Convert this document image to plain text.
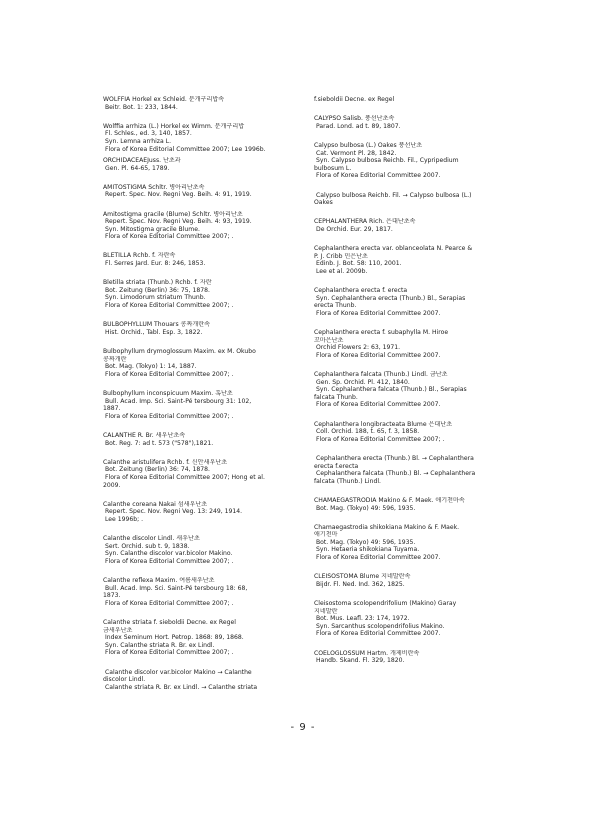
WOLFFIA Horkel ex Schleid. 분개구리밥속
Beitr. Bot. 1: 233, 1844.
Wolffia arrhiza (L.) Horkel ex Wimm. 분개구리밥
Fl. Schles., ed. 3, 140, 1857.
Syn. Lemna arrhiza L.
Flora of Korea Editorial Committee 2007; Lee 1996b.
ORCHIDACEAEJuss. 난초과
Gen. Pl. 64-65, 1789.
AMITOSTIGMA Schltr. 병아리난초속
Repert. Spec. Nov. Regni Veg. Beih. 4: 91, 1919.
Amitostigma gracile (Blume) Schltr. 병아리난초
Repert. Spec. Nov. Regni Veg. Beih. 4: 93, 1919.
Syn. Mitostigma gracile Blume.
Flora of Korea Editorial Committee 2007; .
BLETILLA Rchb. f. 자란속
Fl. Serres Jard. Eur. 8: 246, 1853.
Bletilla striata (Thunb.) Rchb. f. 자란
Bot. Zeitung (Berlin) 36: 75, 1878.
Syn. Limodorum striatum Thunb.
Flora of Korea Editorial Committee 2007; .
BULBOPHYLLUM Thouars 콩짜개란속
Hist. Orchid., Tabl. Esp. 3, 1822.
Bulbophyllum drymoglossum Maxim. ex M. Okubo
콩짜개란
Bot. Mag. (Tokyo) 1: 14, 1887.
Flora of Korea Editorial Committee 2007; .
Bulbophyllum inconspicuum Maxim. 혹난초
Bull. Acad. Imp. Sci. Saint-Pé tersbourg 31: 102,
1887.
Flora of Korea Editorial Committee 2007; .
CALANTHE R. Br. 새우난초속
Bot. Reg. 7: ad t. 573 ("578"),1821.
Calanthe aristulifera Rchb. f. 신안새우난초
Bot. Zeitung (Berlin) 36: 74, 1878.
Flora of Korea Editorial Committee 2007; Hong et al.
2009.
Calanthe coreana Nakai 섬새우난초
Repert. Spec. Nov. Regni Veg. 13: 249, 1914.
Lee 1996b; .
Calanthe discolor Lindl. 새우난초
Sert. Orchid. sub t. 9, 1838.
Syn. Calanthe discolor var.bicolor Makino.
Flora of Korea Editorial Committee 2007; .
Calanthe reflexa Maxim. 여름새우난초
Bull. Acad. Imp. Sci. Saint-Pé tersbourg 18: 68,
1873.
Flora of Korea Editorial Committee 2007; .
Calanthe striata f. sieboldii Decne. ex Regel
금새우난초
Index Seminum Hort. Petrop. 1868: 89, 1868.
Syn. Calanthe striata R. Br. ex Lindl.
Flora of Korea Editorial Committee 2007; .
Calanthe discolor var.bicolor Makino → Calanthe
discolor Lindl.
Calanthe striata R. Br. ex Lindl. → Calanthe striata
f.sieboldii Decne. ex Regel
CALYPSO Salisb. 풍선난초속
Parad. Lond. ad t. 89, 1807.
Calypso bulbosa (L.) Oakes 풍선난초
Cat. Vermont Pl. 28, 1842.
Syn. Calypso bulbosa Reichb. Fil., Cypripedium
bulbosum L.
Flora of Korea Editorial Committee 2007.
Calypso bulbosa Reichb. Fil. → Calypso bulbosa (L.)
Oakes
CEPHALANTHERA Rich. 은대난초속
De Orchid. Eur. 29, 1817.
Cephalanthera erecta var. oblanceolata N. Pearce &
P. J. Cribb 민은난초
Edinb. J. Bot. 58: 110, 2001.
Lee et al. 2009b.
Cephalanthera erecta f. erecta
Syn. Cephalanthera erecta (Thunb.) Bl., Serapias
erecta Thunb.
Flora of Korea Editorial Committee 2007.
Cephalanthera erecta f. subaphylla M. Hiroe
꼬마은난초
Orchid Flowers 2: 63, 1971.
Flora of Korea Editorial Committee 2007.
Cephalanthera falcata (Thunb.) Lindl. 금난초
Gen. Sp. Orchid. Pl. 412, 1840.
Syn. Cephalanthera falcata (Thunb.) Bl., Serapias
falcata Thunb.
Flora of Korea Editorial Committee 2007.
Cephalanthera longibracteata Blume 은대난초
Coll. Orchid. 188, t. 65, f. 3, 1858.
Flora of Korea Editorial Committee 2007; .
Cephalanthera erecta (Thunb.) Bl. → Cephalanthera
erecta f.erecta
Cephalanthera falcata (Thunb.) Bl. → Cephalanthera
falcata (Thunb.) Lindl.
CHAMAEGASTRODIA Makino & F. Maek. 애기천마속
Bot. Mag. (Tokyo) 49: 596, 1935.
Chamaegastrodia shikokiana Makino & F. Maek.
애기천마
Bot. Mag. (Tokyo) 49: 596, 1935.
Syn. Hetaeria shikokiana Tuyama.
Flora of Korea Editorial Committee 2007.
CLEISOSTOMA Blume 지네발란속
Bijdr. Fl. Ned. Ind. 362, 1825.
Cleisostoma scolopendrifolium (Makino) Garay
지네발란
Bot. Mus. Leafl. 23: 174, 1972.
Syn. Sarcanthus scolopendrifolius Makino.
Flora of Korea Editorial Committee 2007.
COELOGLOSSUM Hartm. 개제비란속
Handb. Skand. Fl. 329, 1820.
- 9 -
